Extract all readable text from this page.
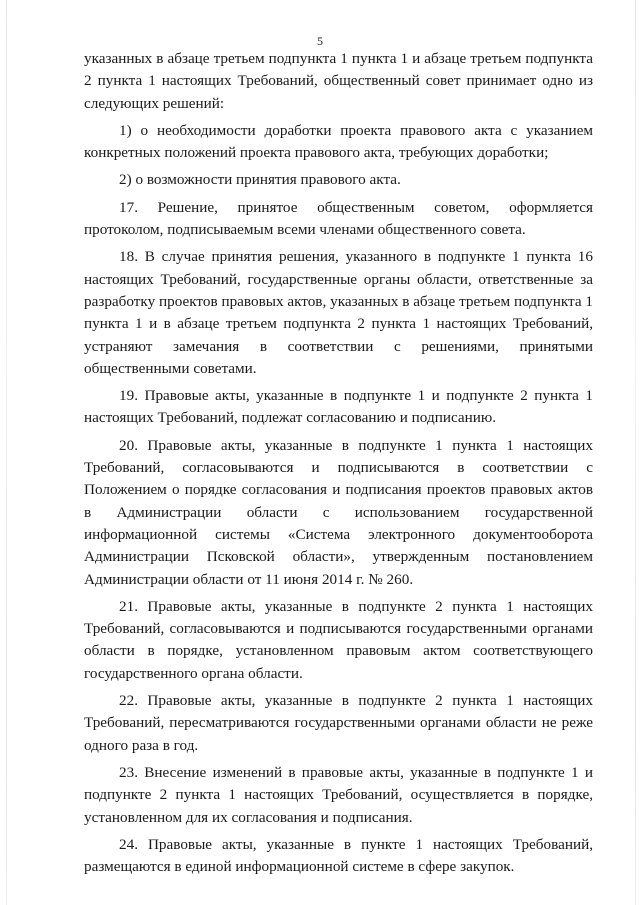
5

указанных в абзаце третьем подпункта 1 пункта 1 и абзаце третьем подпункта 2 пункта 1 настоящих Требований, общественный совет принимает одно из следующих решений:

1) о необходимости доработки проекта правового акта с указанием конкретных положений проекта правового акта, требующих доработки;

2) о возможности принятия правового акта.

17. Решение, принятое общественным советом, оформляется протоколом, подписываемым всеми членами общественного совета.

18. В случае принятия решения, указанного в подпункте 1 пункта 16 настоящих Требований, государственные органы области, ответственные за разработку проектов правовых актов, указанных в абзаце третьем подпункта 1 пункта 1 и в абзаце третьем подпункта 2 пункта 1 настоящих Требований, устраняют замечания в соответствии с решениями, принятыми общественными советами.

19. Правовые акты, указанные в подпункте 1 и подпункте 2 пункта 1 настоящих Требований, подлежат согласованию и подписанию.

20. Правовые акты, указанные в подпункте 1 пункта 1 настоящих Требований, согласовываются и подписываются в соответствии с Положением о порядке согласования и подписания проектов правовых актов в Администрации области с использованием государственной информационной системы «Система электронного документооборота Администрации Псковской области», утвержденным постановлением Администрации области от 11 июня 2014 г. № 260.

21. Правовые акты, указанные в подпункте 2 пункта 1 настоящих Требований, согласовываются и подписываются государственными органами области в порядке, установленном правовым актом соответствующего государственного органа области.

22. Правовые акты, указанные в подпункте 2 пункта 1 настоящих Требований, пересматриваются государственными органами области не реже одного раза в год.

23. Внесение изменений в правовые акты, указанные в подпункте 1 и подпункте 2 пункта 1 настоящих Требований, осуществляется в порядке, установленном для их согласования и подписания.

24. Правовые акты, указанные в пункте 1 настоящих Требований, размещаются в единой информационной системе в сфере закупок.
